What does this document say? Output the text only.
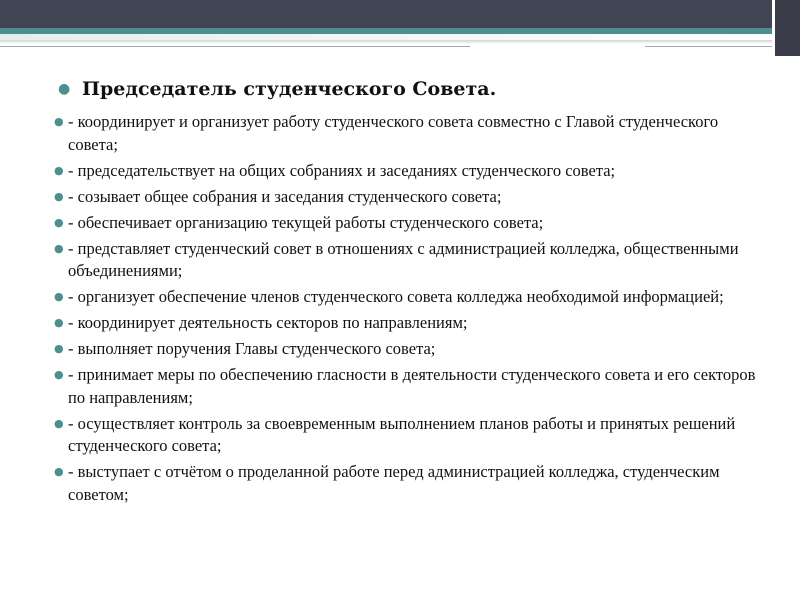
● Председатель студенческого Совета.
● - координирует и организует работу студенческого совета совместно с Главой студенческого совета;
● - председательствует на общих собраниях и заседаниях студенческого совета;
● - созывает общее собрания и заседания студенческого совета;
● - обеспечивает организацию текущей работы студенческого совета;
● - представляет студенческий совет в отношениях с администрацией колледжа, общественными объединениями;
● - организует обеспечение членов студенческого совета колледжа необходимой информацией;
● - координирует деятельность секторов по направлениям;
● - выполняет поручения Главы студенческого совета;
● - принимает меры по обеспечению гласности в деятельности студенческого совета и его секторов по направлениям;
● - осуществляет контроль за своевременным выполнением планов работы и принятых решений студенческого совета;
● - выступает с отчётом о проделанной работе перед администрацией колледжа, студенческим советом;
